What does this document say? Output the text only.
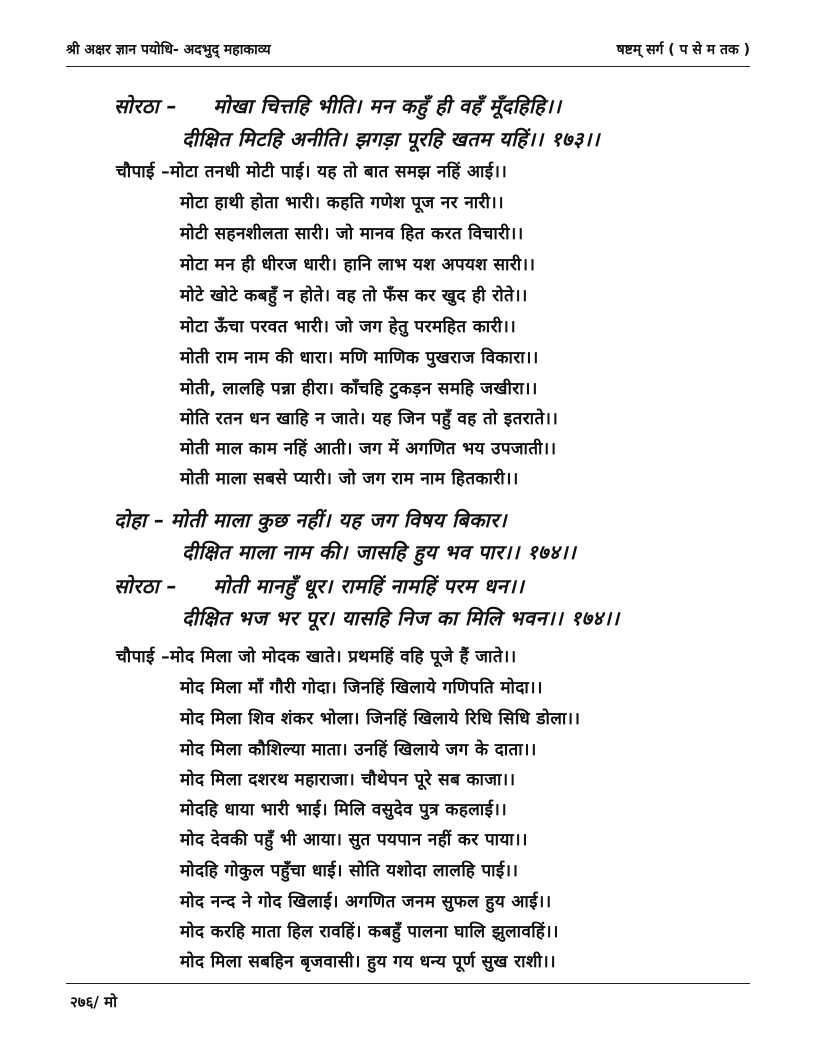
श्री अक्षर ज्ञान पयोधि- अदभुद् महाकाव्य	षष्टम् सर्ग ( प से म तक )
सोरठा – मोखा चित्तहि भीति। मन कहुँ ही वहँ मूँदहिहि।।
दीक्षित मिटहि अनीति। झगड़ा पूरहि खतम यहिं।। १७३।।
चौपाई –मोटा तनधी मोटी पाई। यह तो बात समझ नहिं आई।।
मोटा हाथी होता भारी। कहति गणेश पूज नर नारी।।
मोटी सहनशीलता सारी। जो मानव हित करत विचारी।।
मोटा मन ही धीरज धारी। हानि लाभ यश अपयश सारी।।
मोटे खोटे कबहुँ न होते। वह तो फँस कर खुद ही रोते।।
मोटा ऊँचा परवत भारी। जो जग हेतु परमहित कारी।।
मोती राम नाम की धारा। मणि माणिक पुखराज विकारा।।
मोती, लालहि पन्ना हीरा। काँचहि टुकड़न समहि जखीरा।।
मोति रतन धन खाहि न जाते। यह जिन पहुँ वह तो इतराते।।
मोती माल काम नहिं आती। जग में अगणित भय उपजाती।।
मोती माला सबसे प्यारी। जो जग राम नाम हितकारी।।
दोहा – मोती माला कुछ नहीं। यह जग विषय बिकार।
दीक्षित माला नाम की। जासहि हुय भव पार।। १७४।।
सोरठा – मोती मानहुँ धूर। रामहिं नामहिं परम धन।।
दीक्षित भज भर पूर। यासहि निज का मिलि भवन।। १७४।।
चौपाई –मोद मिला जो मोदक खाते। प्रथमहिं वहि पूजे हैं जाते।।
मोद मिला माँ गौरी गोदा। जिनहिं खिलाये गणिपति मोदा।।
मोद मिला शिव शंकर भोला। जिनहिं खिलाये रिधि सिधि डोला।।
मोद मिला कौशिल्या माता। उनहिं खिलाये जग के दाता।।
मोद मिला दशरथ महाराजा। चौथेपन पूरे सब काजा।।
मोदहि धाया भारी भाई। मिलि वसुदेव पुत्र कहलाई।।
मोद देवकी पहुँ भी आया। सुत पयपान नहीं कर पाया।।
मोदहि गोकुल पहुँचा धाई। सोति यशोदा लालहि पाई।।
मोद नन्द ने गोद खिलाई। अगणित जनम सुफल हुय आई।।
मोद करहि माता हिल रावहिं। कबहुँ पालना घालि झुलावहिं।।
मोद मिला सबहिन बृजवासी। हुय गय धन्य पूर्ण सुख राशी।।
२७६/ मो
